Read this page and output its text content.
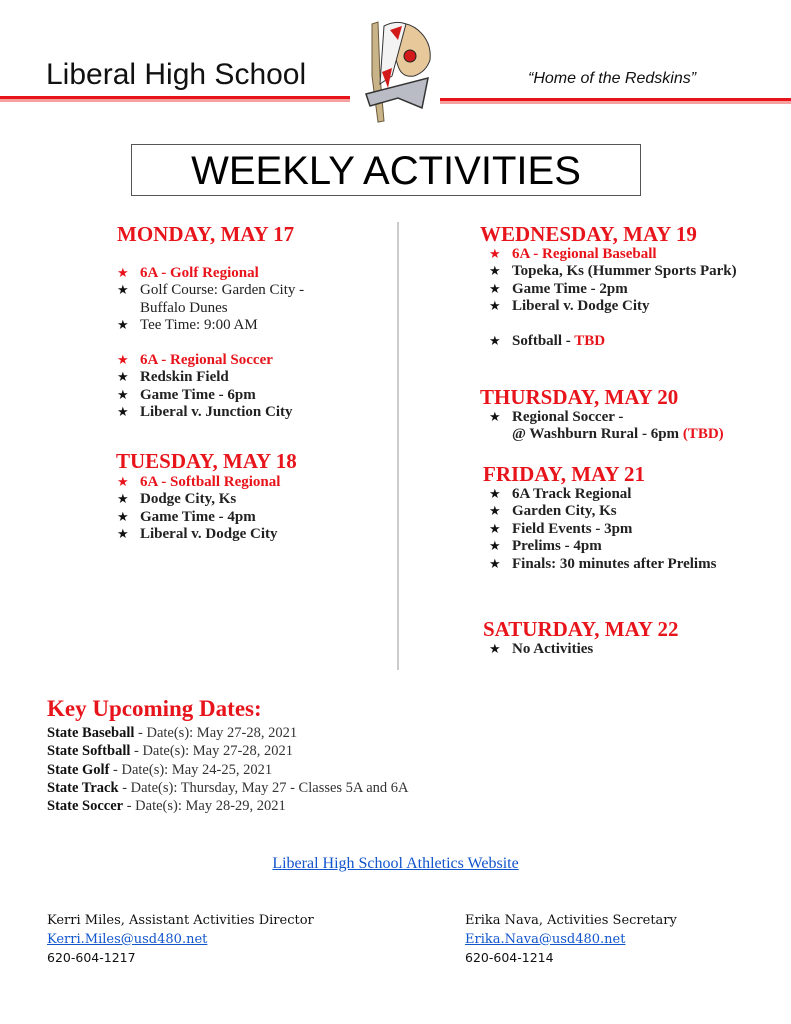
Liberal High School	“Home of the Redskins”
WEEKLY ACTIVITIES
MONDAY, MAY 17
★ 6A - Golf Regional
★ Golf Course: Garden City -
Buffalo Dunes
★ Tee Time: 9:00 AM
★ 6A - Regional Soccer
★ Redskin Field
★ Game Time - 6pm
★ Liberal v. Junction City
TUESDAY, MAY 18
★ 6A - Softball Regional
★ Dodge City, Ks
★ Game Time - 4pm
★ Liberal v. Dodge City
WEDNESDAY, MAY 19
★ 6A - Regional Baseball
★ Topeka, Ks (Hummer Sports Park)
★ Game Time - 2pm
★ Liberal v. Dodge City
★ Softball - TBD
THURSDAY, MAY 20
★ Regional Soccer -
@ Washburn Rural - 6pm (TBD)
FRIDAY, MAY 21
★ 6A Track Regional
★ Garden City, Ks
★ Field Events - 3pm
★ Prelims - 4pm
★ Finals: 30 minutes after Prelims
SATURDAY, MAY 22
★ No Activities
Key Upcoming Dates:
State Baseball - Date(s): May 27-28, 2021
State Softball - Date(s): May 27-28, 2021
State Golf - Date(s): May 24-25, 2021
State Track - Date(s): Thursday, May 27 - Classes 5A and 6A
State Soccer - Date(s): May 28-29, 2021
Liberal High School Athletics Website
Kerri Miles, Assistant Activities Director
Kerri.Miles@usd480.net
620-604-1217
Erika Nava, Activities Secretary
Erika.Nava@usd480.net
620-604-1214
